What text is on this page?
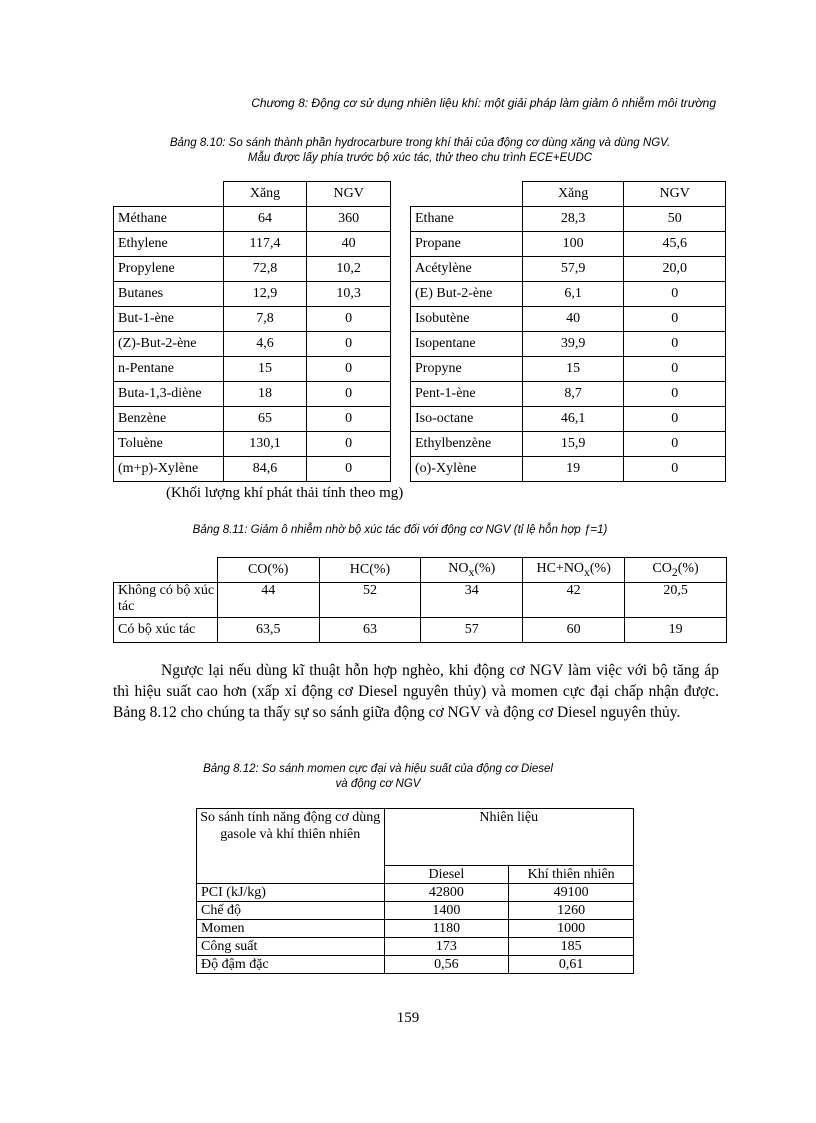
Chương 8: Động cơ sử dụng nhiên liệu khí: một giải pháp làm giảm ô nhiễm môi trường
Bảng 8.10: So sánh thành phần hydrocarbure trong khí thải của động cơ dùng xăng và dùng NGV.
Mẫu được lấy phía trước bộ xúc tác, thử theo chu trình ECE+EUDC
	Xăng	NGV
Méthane	64	360
Ethylene	117,4	40
Propylene	72,8	10,2
Butanes	12,9	10,3
But-1-ène	7,8	0
(Z)-But-2-ène	4,6	0
n-Pentane	15	0
Buta-1,3-diène	18	0
Benzène	65	0
Toluène	130,1	0
(m+p)-Xylène	84,6	0
	Xăng	NGV
Ethane	28,3	50
Propane	100	45,6
Acétylène	57,9	20,0
(E) But-2-ène	6,1	0
Isobutène	40	0
Isopentane	39,9	0
Propyne	15	0
Pent-1-ène	8,7	0
Iso-octane	46,1	0
Ethylbenzène	15,9	0
(o)-Xylène	19	0
(Khối lượng khí phát thải tính theo mg)
Bảng 8.11: Giảm ô nhiễm nhờ bộ xúc tác đối với động cơ NGV (tỉ lệ hỗn hợp ƒ=1)
	CO(%)	HC(%)	$NO_x(\%)$	$HC+NO_x(\%)$	$CO_2(\%)$
Không có bộ xúc tác	44	52	34	42	20,5
Có bộ xúc tác	63,5	63	57	60	19
Ngược lại nếu dùng kĩ thuật hỗn hợp nghèo, khi động cơ NGV làm việc với bộ tăng áp thì hiệu suất cao hơn (xấp xỉ động cơ Diesel nguyên thủy) và momen cực đại chấp nhận được. Bảng 8.12 cho chúng ta thấy sự so sánh giữa động cơ NGV và động cơ Diesel nguyên thủy.
Bảng 8.12: So sánh momen cực đại và hiệu suất của động cơ Diesel
và động cơ NGV
So sánh tính năng động cơ dùng gasole và khí thiên nhiên	Nhiên liệu	
	Diesel	Khí thiên nhiên
PCI (kJ/kg)	42800	49100
Chế độ	1400	1260
Momen	1180	1000
Công suất	173	185
Độ đậm đặc	0,56	0,61
159
